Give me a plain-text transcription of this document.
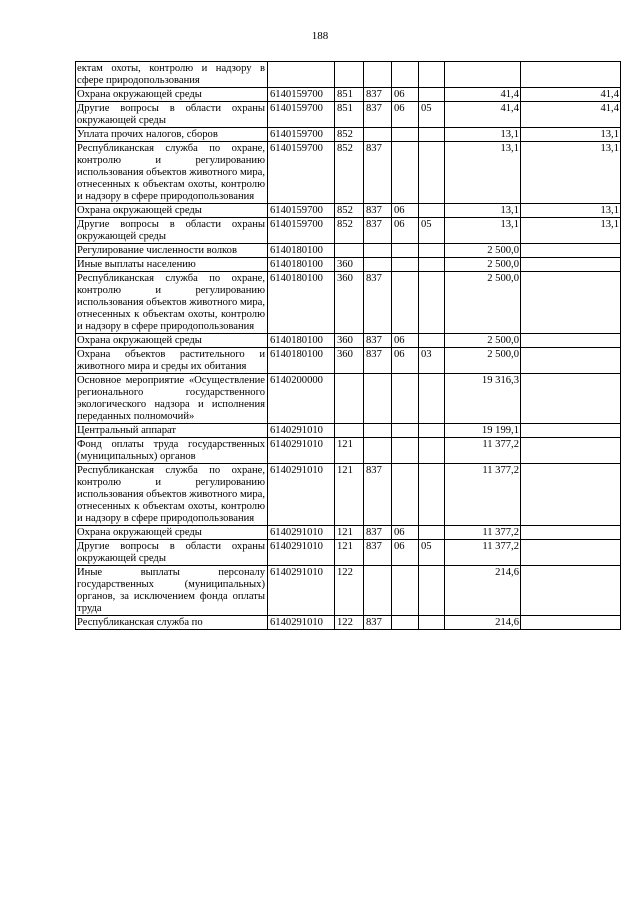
188
ектам охоты, контролю и надзору в сфере природопользования							
Охрана окружающей среды	6140159700	851	837	06		41,4	41,4
Другие вопросы в области охраны окружающей среды	6140159700	851	837	06	05	41,4	41,4
Уплата прочих налогов, сборов	6140159700	852				13,1	13,1
Республиканская служба по охране, контролю и регулированию использования объектов животного мира, отнесенных к объектам охоты, контролю и надзору в сфере природопользования	6140159700	852	837			13,1	13,1
Охрана окружающей среды	6140159700	852	837	06		13,1	13,1
Другие вопросы в области охраны окружающей среды	6140159700	852	837	06	05	13,1	13,1
Регулирование численности волков	6140180100					2 500,0	
Иные выплаты населению	6140180100	360				2 500,0	
Республиканская служба по охране, контролю и регулированию использования объектов животного мира, отнесенных к объектам охоты, контролю и надзору в сфере природопользования	6140180100	360	837			2 500,0	
Охрана окружающей среды	6140180100	360	837	06		2 500,0	
Охрана объектов растительного и животного мира и среды их обитания	6140180100	360	837	06	03	2 500,0	
Основное мероприятие «Осуществление регионального государственного экологического надзора и исполнения переданных полномочий»	6140200000					19 316,3	
Центральный аппарат	6140291010					19 199,1	
Фонд оплаты труда государственных (муниципальных) органов	6140291010	121				11 377,2	
Республиканская служба по охране, контролю и регулированию использования объектов животного мира, отнесенных к объектам охоты, контролю и надзору в сфере природопользования	6140291010	121	837			11 377,2	
Охрана окружающей среды	6140291010	121	837	06		11 377,2	
Другие вопросы в области охраны окружающей среды	6140291010	121	837	06	05	11 377,2	
Иные выплаты персоналу государственных (муниципальных) органов, за исключением фонда оплаты труда	6140291010	122				214,6	
Республиканская служба по	6140291010	122	837			214,6	
